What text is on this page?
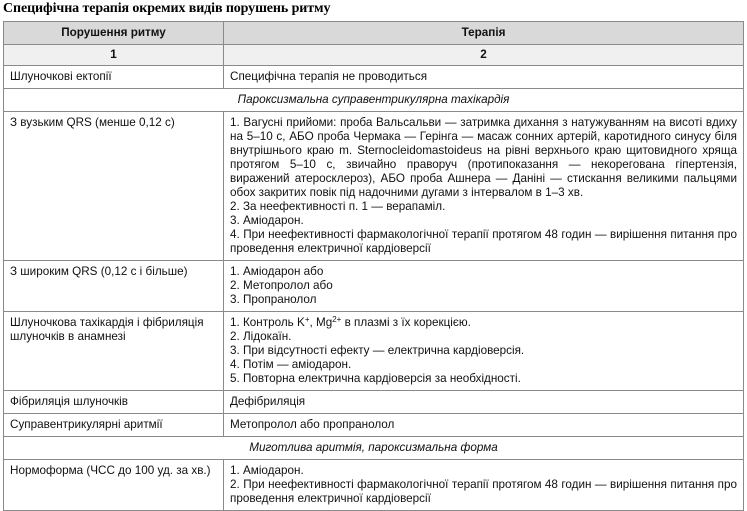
Специфічна терапія окремих видів порушень ритму
Порушення ритму	Терапія
1	2
Шлуночкові ектопії	Специфічна терапія не проводиться
Пароксизмальна суправентрикулярна тахікардія	
З вузьким QRS (менше 0,12 с)	1. Вагусні прийоми: проба Вальсальви — затримка дихання з натужуванням на висоті вдиху на 5–10 с, АБО проба Чермака — Герінга — масаж сонних артерій, каротидного синусу біля внутрішнього краю m. Sternocleidomastoideus на рівні верхнього краю щитовидного хряща протягом 5–10 с, звичайно праворуч (протипоказання — некорегована гіпертензія, виражений атеросклероз), АБО проба Ашнера — Даніні — стискання великими пальцями обох закритих повік під надочними дугами з інтервалом в 1–3 хв.
2. За неефективності п. 1 — верапаміл.
3. Аміодарон.
4. При неефективності фармакологічної терапії протягом 48 годин — вирішення питання про проведення електричної кардіоверсії

З широким QRS (0,12 с і більше)	1. Аміодарон або
2. Метопролол або
3. Пропранолол

Шлуночкова тахікардія і фібриляція шлуночків в анамнезі	1. Контроль K+, $Mg^{2+}$ в плазмі з їх корекцією.
2. Лідокаїн.
3. При відсутності ефекту — електрична кардіоверсія.
4. Потім — аміодарон.
5. Повторна електрична кардіоверсія за необхідності.

Фібриляція шлуночків	Дефібриляція
Суправентрикулярні аритмії	Метопролол або пропранолол
Миготлива аритмія, пароксизмальна форма	
Нормоформа (ЧСС до 100 уд. за хв.)	1. Аміодарон.
2. При неефективності фармакологічної терапії протягом 48 годин — вирішення питання про проведення електричної кардіоверсії
